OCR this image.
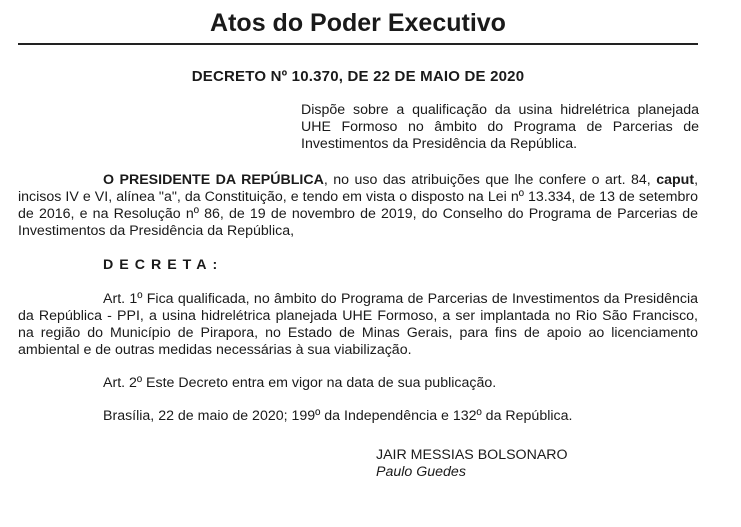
Atos do Poder Executivo
DECRETO Nº 10.370, DE 22 DE MAIO DE 2020
Dispõe sobre a qualificação da usina hidrelétrica planejada UHE Formoso no âmbito do Programa de Parcerias de Investimentos da Presidência da República.

O PRESIDENTE DA REPÚBLICA, no uso das atribuições que lhe confere o art. 84, caput, incisos IV e VI, alínea "a", da Constituição, e tendo em vista o disposto na Lei nº 13.334, de 13 de setembro de 2016, e na Resolução nº 86, de 19 de novembro de 2019, do Conselho do Programa de Parcerias de Investimentos da Presidência da República,

DECRETA:

Art. 1º Fica qualificada, no âmbito do Programa de Parcerias de Investimentos da Presidência da República - PPI, a usina hidrelétrica planejada UHE Formoso, a ser implantada no Rio São Francisco, na região do Município de Pirapora, no Estado de Minas Gerais, para fins de apoio ao licenciamento ambiental e de outras medidas necessárias à sua viabilização.

Art. 2º Este Decreto entra em vigor na data de sua publicação.

Brasília, 22 de maio de 2020; 199º da Independência e 132º da República.

JAIR MESSIAS BOLSONARO
Paulo Guedes
